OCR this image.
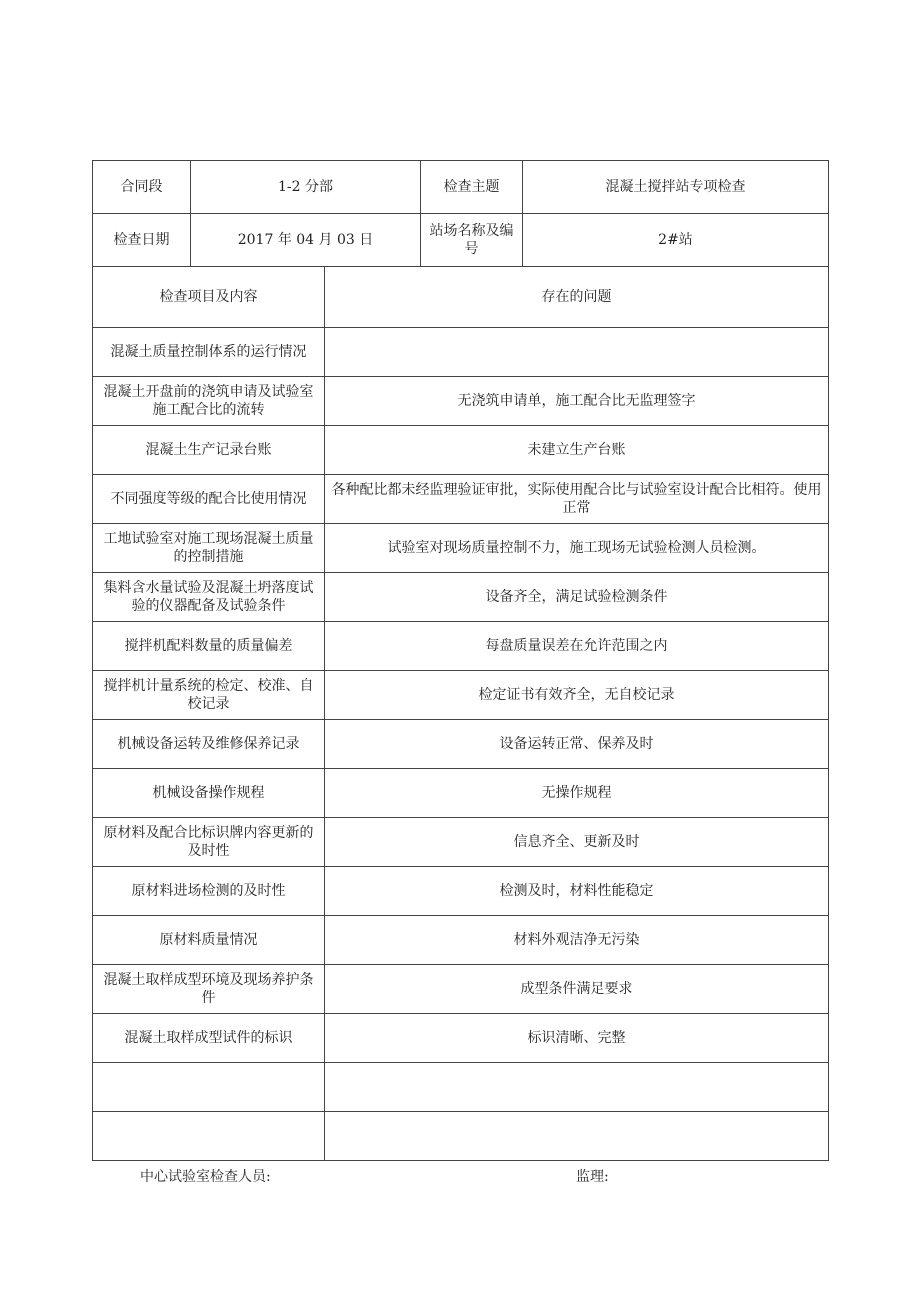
合同段	1-2 分部		检查主题	混凝土搅拌站专项检查
检查日期	2017 年 04 月 03 日		站场名称及编号	2#站
检查项目及内容		存在的问题		
混凝土质量控制体系的运行情况				
混凝土开盘前的浇筑申请及试验室施工配合比的流转		无浇筑申请单，施工配合比无监理签字		
混凝土生产记录台账		未建立生产台账		
不同强度等级的配合比使用情况		各种配比都未经监理验证审批，实际使用配合比与试验室设计配合比相符。使用正常		
工地试验室对施工现场混凝土质量的控制措施		试验室对现场质量控制不力，施工现场无试验检测人员检测。		
集料含水量试验及混凝土坍落度试验的仪器配备及试验条件		设备齐全，满足试验检测条件		
搅拌机配料数量的质量偏差		每盘质量误差在允许范围之内		
搅拌机计量系统的检定、校准、自校记录		检定证书有效齐全，无自校记录		
机械设备运转及维修保养记录		设备运转正常、保养及时		
机械设备操作规程		无操作规程		
原材料及配合比标识牌内容更新的及时性		信息齐全、更新及时		
原材料进场检测的及时性		检测及时，材料性能稳定		
原材料质量情况		材料外观洁净无污染		
混凝土取样成型环境及现场养护条件		成型条件满足要求		
混凝土取样成型试件的标识		标识清晰、完整		

中心试验室检查人员:	监理:
